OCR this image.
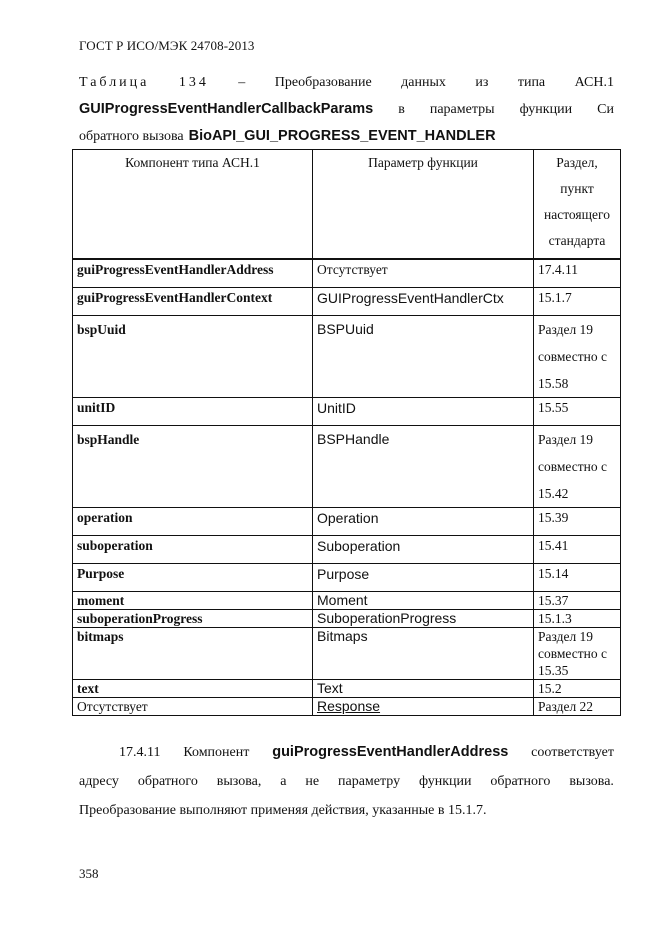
ГОСТ Р ИСО/МЭК 24708-2013
Таблица 134 – Преобразование данных из типа АСН.1
GUIProgressEventHandlerCallbackParams в параметры функции Си
обратного вызова BioAPI_GUI_PROGRESS_EVENT_HANDLER
Компонент типа АСН.1	Параметр функции	Раздел, пункт настоящего стандарта
guiProgressEventHandlerAddress	Отсутствует	17.4.11
guiProgressEventHandlerContext	GUIProgressEventHandlerCtx	15.1.7
bspUuid	BSPUuid	Раздел 19 совместно с 15.58
unitID	UnitID	15.55
bspHandle	BSPHandle	Раздел 19 совместно с 15.42
operation	Operation	15.39
suboperation	Suboperation	15.41
Purpose	Purpose	15.14
moment	Moment	15.37
suboperationProgress	SuboperationProgress	15.1.3
bitmaps	Bitmaps	Раздел 19 совместно с 15.35
text	Text	15.2
Отсутствует	Response	Раздел 22
17.4.11 Компонент guiProgressEventHandlerAddress соответствует
адресу обратного вызова, а не параметру функции обратного вызова.
Преобразование выполняют применяя действия, указанные в 15.1.7.
358
